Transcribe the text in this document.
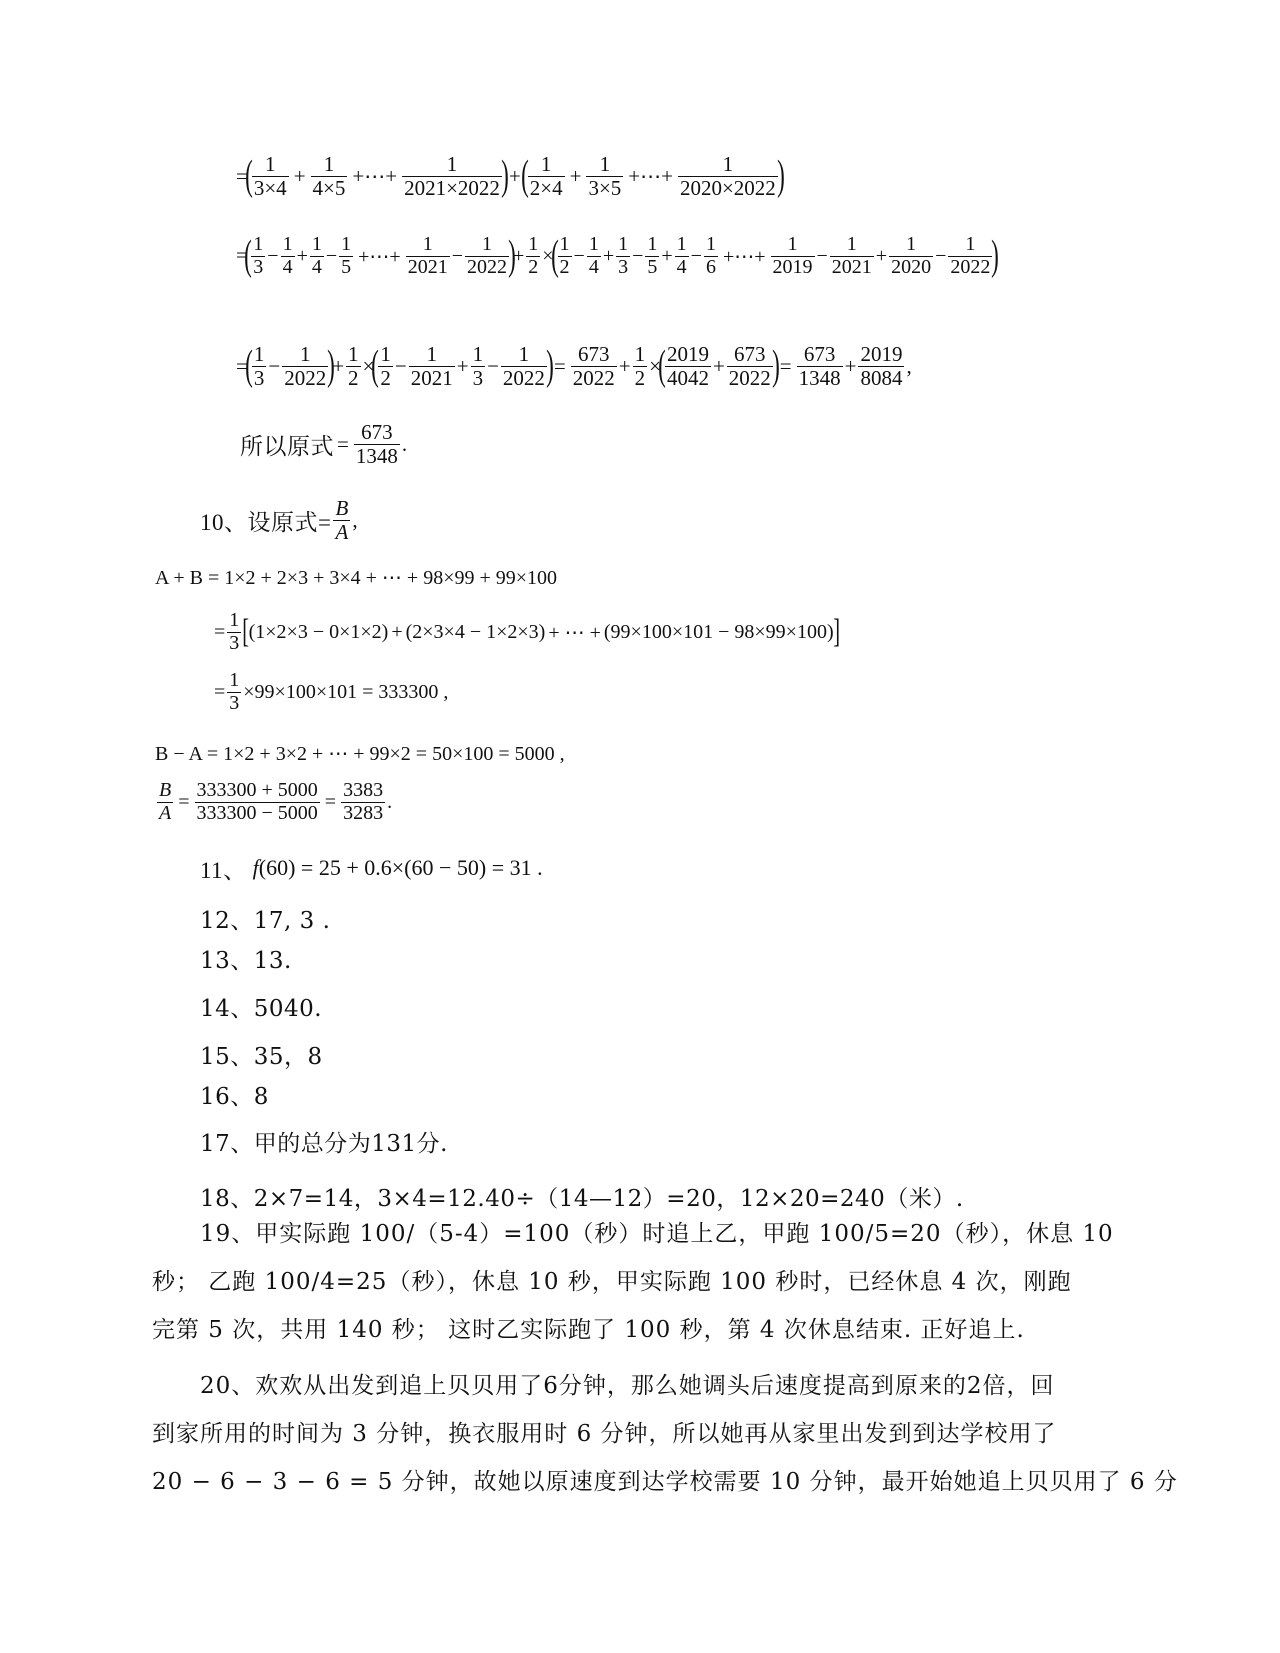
=
( $\frac{1}{3\times 4} + \frac{1}{4\times 5}$ +⋯+ $\frac{1}{2021\times 2022}$ ) + ( $\frac{1}{2\times 4} + \frac{1}{3\times 5}$ +⋯+ $\frac{1}{2020\times 2022}$ )
=
( $\frac{1}{3} - \frac{1}{4} + \frac{1}{4} - \frac{1}{5}$ +⋯+ $\frac{1}{2021} - \frac{1}{2022}$ )
+ $\frac{1}{2}$ ×
( $\frac{1}{2} - \frac{1}{4} + \frac{1}{3} - \frac{1}{5} + \frac{1}{4} - \frac{1}{6}$ +⋯+ $\frac{1}{2019} - \frac{1}{2021} + \frac{1}{2020} - \frac{1}{2022}$ )
=
( $\frac{1}{3} - \frac{1}{2022}$ )
+ $\frac{1}{2}$ ×
( $\frac{1}{2} - \frac{1}{2021} + \frac{1}{3} - \frac{1}{2022}$ ) = $\frac{673}{2022} + \frac{1}{2}$ ×
( $\frac{2019}{4042} + \frac{673}{2022}$ ) = $\frac{673}{1348} + \frac{2019}{8084}$ ,
所以原式 = $\frac{673}{1348}$ .
10、设原式= $\frac{B}{A}$ ,
A + B = 1×2 + 2×3 + 3×4 + ⋯ + 98×99 + 99×100
= $\frac{1}{3}$ [ (1×2×3 − 0×1×2) + (2×3×4 − 1×2×3) + ⋯ + (99×100×101 − 98×99×100) ]
= $\frac{1}{3} \times 99\times 100\times 101 = 333300$ ,
B − A = 1×2 + 3×2 + ⋯ + 99×2 = 50×100 = 5000 ,
$\frac{B}{A} = \frac{333300 + 5000}{333300 - 5000} = \frac{3383}{3283}$ .
11、 f (60) = 25 + 0.6×(60 − 50) = 31 .
12、17, 3 .
13、13.
14、5040.
15、35，8
16、8
17、甲的总分为131分.
18、2×7=14，3×4=12.40÷（14—12）=20，12×20=240（米）.
19、甲实际跑 100/（5-4）=100（秒）时追上乙，甲跑 100/5=20（秒），休息 10
秒； 乙跑 100/4=25（秒），休息 10 秒，甲实际跑 100 秒时，已经休息 4 次，刚跑
完第 5 次，共用 140 秒； 这时乙实际跑了 100 秒，第 4 次休息结束. 正好追上.
20、欢欢从出发到追上贝贝用了6分钟，那么她调头后速度提高到原来的2倍，回
到家所用的时间为 3 分钟，换衣服用时 6 分钟，所以她再从家里出发到到达学校用了
20 − 6 − 3 − 6 = 5 分钟，故她以原速度到达学校需要 10 分钟，最开始她追上贝贝用了 6 分
